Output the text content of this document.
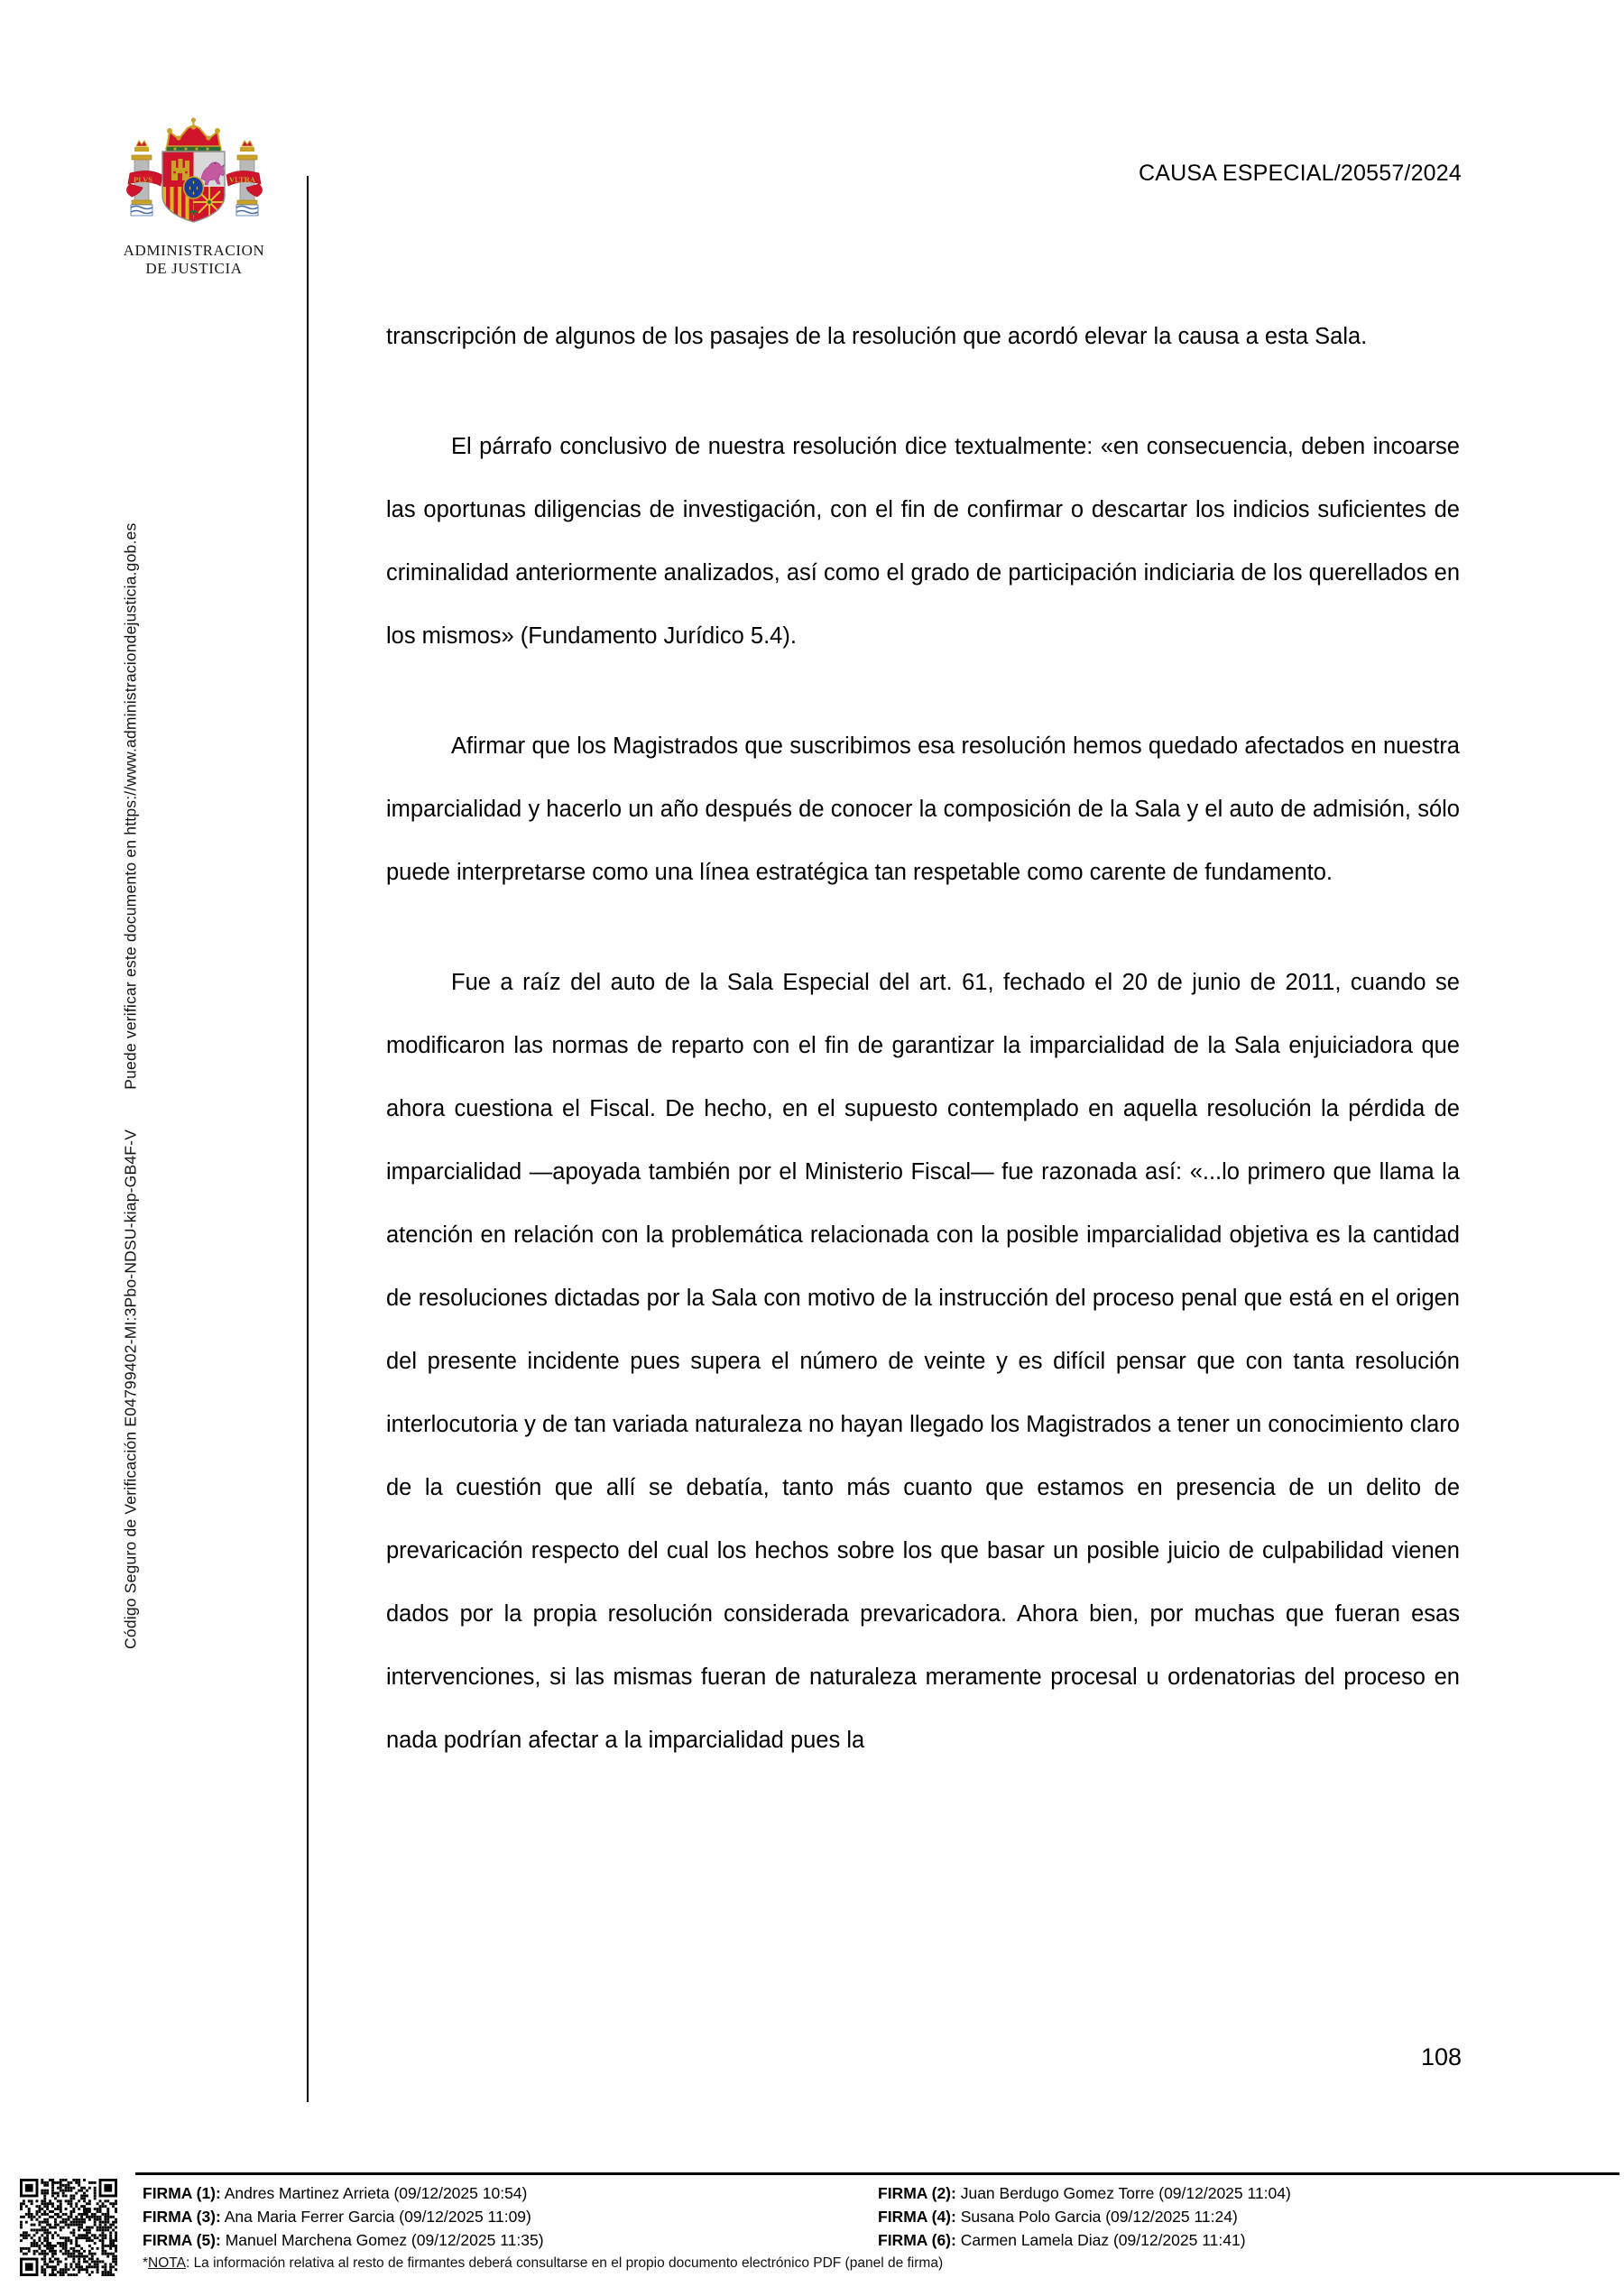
Código Seguro de Verificación E04799402-MI:3Pbo-NDSU-kiap-GB4F-V  Puede verificar este documento en https://www.administraciondejusticia.gob.es
PLVS	VLTRA
ADMINISTRACION
DE JUSTICIA
CAUSA ESPECIAL/20557/2024

transcripción de algunos de los pasajes de la resolución que acordó elevar la causa a esta Sala.

El párrafo conclusivo de nuestra resolución dice textualmente: «en consecuencia, deben incoarse las oportunas diligencias de investigación, con el fin de confirmar o descartar los indicios suficientes de criminalidad anteriormente analizados, así como el grado de participación indiciaria de los querellados en los mismos» (Fundamento Jurídico 5.4).

Afirmar que los Magistrados que suscribimos esa resolución hemos quedado afectados en nuestra imparcialidad y hacerlo un año después de conocer la composición de la Sala y el auto de admisión, sólo puede interpretarse como una línea estratégica tan respetable como carente de fundamento.

Fue a raíz del auto de la Sala Especial del art. 61, fechado el 20 de junio de 2011, cuando se modificaron las normas de reparto con el fin de garantizar la imparcialidad de la Sala enjuiciadora que ahora cuestiona el Fiscal. De hecho, en el supuesto contemplado en aquella resolución la pérdida de imparcialidad —apoyada también por el Ministerio Fiscal— fue razonada así: «...lo primero que llama la atención en relación con la problemática relacionada con la posible imparcialidad objetiva es la cantidad de resoluciones dictadas por la Sala con motivo de la instrucción del proceso penal que está en el origen del presente incidente pues supera el número de veinte y es difícil pensar que con tanta resolución interlocutoria y de tan variada naturaleza no hayan llegado los Magistrados a tener un conocimiento claro de la cuestión que allí se debatía, tanto más cuanto que estamos en presencia de un delito de prevaricación respecto del cual los hechos sobre los que basar un posible juicio de culpabilidad vienen dados por la propia resolución considerada prevaricadora. Ahora bien, por muchas que fueran esas intervenciones, si las mismas fueran de naturaleza meramente procesal u ordenatorias del proceso en nada podrían afectar a la imparcialidad pues la

108
FIRMA (1): Andres Martinez Arrieta (09/12/2025 10:54)
FIRMA (3): Ana Maria Ferrer Garcia (09/12/2025 11:09)
FIRMA (5): Manuel Marchena Gomez (09/12/2025 11:35)
FIRMA (2): Juan Berdugo Gomez Torre (09/12/2025 11:04)
FIRMA (4): Susana Polo Garcia (09/12/2025 11:24)
FIRMA (6): Carmen Lamela Diaz (09/12/2025 11:41)
*NOTA: La información relativa al resto de firmantes deberá consultarse en el propio documento electrónico PDF (panel de firma)
